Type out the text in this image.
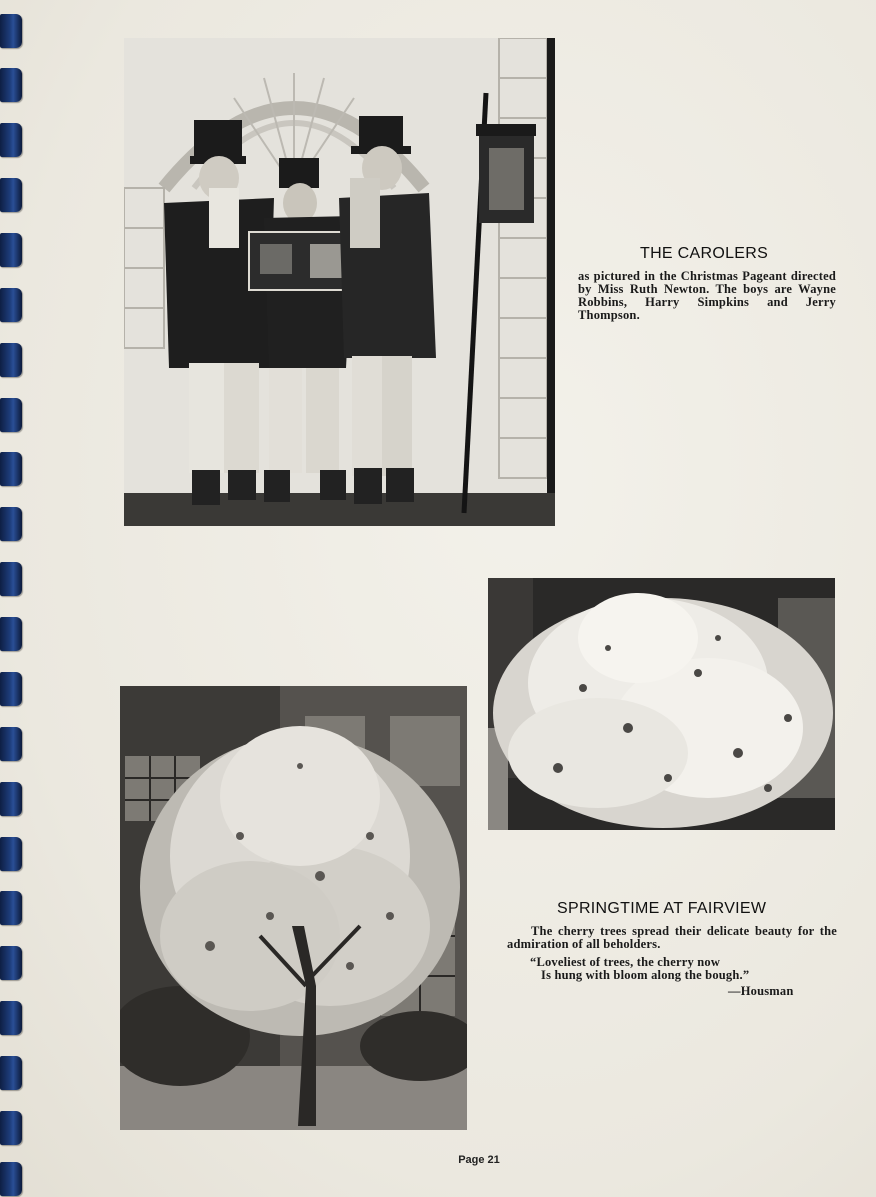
THE CAROLERS
as pictured in the Christmas Pageant directed by Miss Ruth Newton. The boys are Wayne Robbins, Harry Simpkins and Jerry Thompson.
SPRINGTIME AT FAIRVIEW
The cherry trees spread their delicate beauty for the admiration of all beholders.
“Loveliest of trees, the cherry now
Is hung with bloom along the bough.”
—Housman
Page 21
